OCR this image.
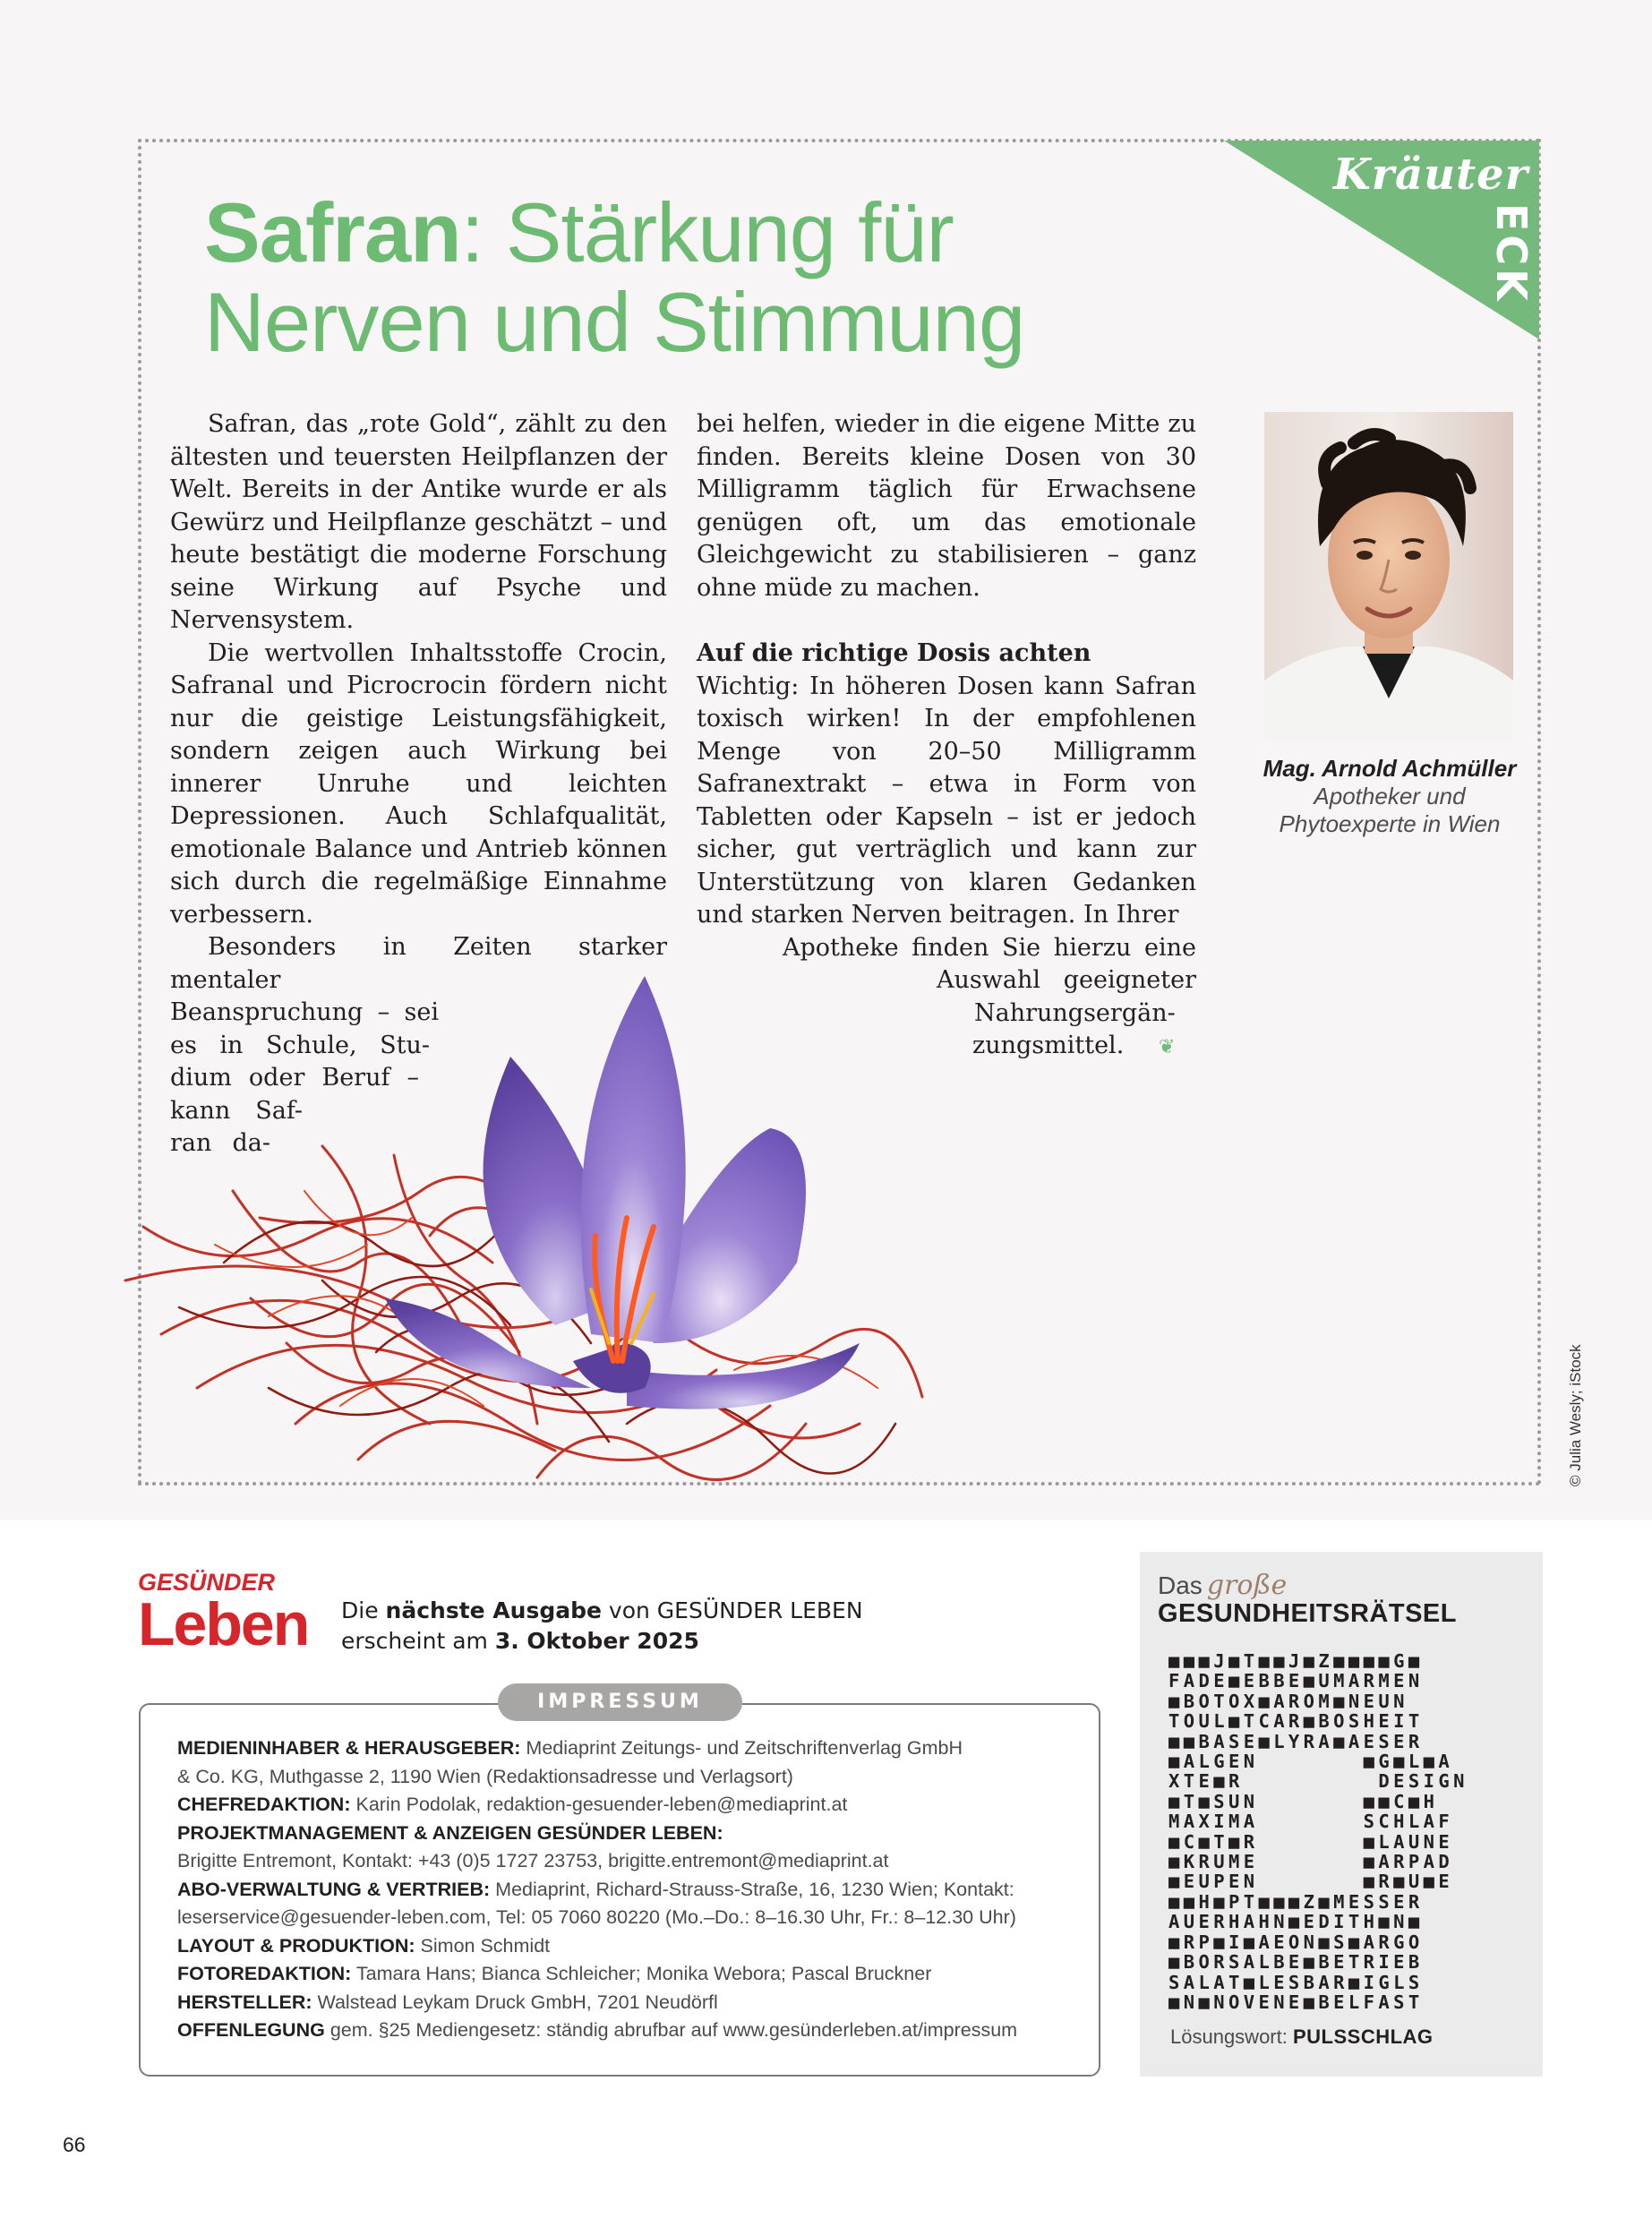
Kräuter
ECK
Safran: Stärkung für
Nerven und Stimmung

Safran, das „rote Gold“, zählt zu den ältesten und teuersten Heilpflanzen der Welt. Bereits in der Antike wurde er als Gewürz und Heilpflanze geschätzt – und heute bestätigt die moderne Forschung seine Wirkung auf Psyche und Nervensystem.

Die wertvollen Inhaltsstoffe Crocin, Safranal und Picrocrocin fördern nicht nur die geistige Leistungsfähigkeit, sondern zeigen auch Wirkung bei innerer Unruhe und leichten Depressionen. Auch Schlafqualität, emotionale Balance und Antrieb können sich durch die regelmäßige Einnahme verbessern.

Besonders in Zeiten starker mentaler

Beanspruchung – sei

es in Schule, Stu-

dium oder Beruf –

kann Saf-

ran da-

bei helfen, wieder in die eigene Mitte zu finden. Bereits kleine Dosen von 30 Milligramm täglich für Erwachsene genügen oft, um das emotionale Gleichgewicht zu stabilisieren – ganz ohne müde zu machen.

Auf die richtige Dosis achten

Wichtig: In höheren Dosen kann Safran toxisch wirken! In der empfohlenen Menge von 20–50 Milligramm Safranextrakt – etwa in Form von Tabletten oder Kapseln – ist er jedoch sicher, gut verträglich und kann zur Unterstützung von klaren Gedanken und starken Nerven beitragen. In Ihrer

Apotheke finden Sie hierzu eine

Auswahl geeigneter

Nahrungsergän-

zungsmittel. ❦

Mag. Arnold Achmüller
Apotheker und
Phytoexperte in Wien
© Julia Wesly; iStock
GESÜNDER
Leben Die nächste Ausgabe von GESÜNDER LEBEN
erscheint am 3. Oktober 2025
IMPRESSUM
MEDIENINHABER & HERAUSGEBER: Mediaprint Zeitungs- und Zeitschriftenverlag GmbH
& Co. KG, Muthgasse 2, 1190 Wien (Redaktionsadresse und Verlagsort)
CHEFREDAKTION: Karin Podolak, redaktion-gesuender-leben@mediaprint.at
PROJEKTMANAGEMENT & ANZEIGEN GESÜNDER LEBEN:
Brigitte Entremont, Kontakt: +43 (0)5 1727 23753, brigitte.entremont@mediaprint.at
ABO-VERWALTUNG & VERTRIEB: Mediaprint, Richard-Strauss-Straße, 16, 1230 Wien; Kontakt:
leserservice@gesuender-leben.com, Tel: 05 7060 80220 (Mo.–Do.: 8–16.30 Uhr, Fr.: 8–12.30 Uhr)
LAYOUT & PRODUKTION: Simon Schmidt
FOTOREDAKTION: Tamara Hans; Bianca Schleicher; Monika Webora; Pascal Bruckner
HERSTELLER: Walstead Leykam Druck GmbH, 7201 Neudörfl
OFFENLEGUNG gem. §25 Mediengesetz: ständig abrufbar auf www.gesünderleben.at/impressum
Das große
GESUNDHEITSRÄTSEL
■■■J■T■■J■Z■■■■G■
FADE■EBBE■UMARMEN
■BOTOX■AROM■NEUN
TOUL■TCAR■BOSHEIT
■■BASE■LYRA■AESER
■ALGEN       ■G■L■A
XTE■R         DESIGN
■T■SUN       ■■C■H
MAXIMA       SCHLAF
■C■T■R       ■LAUNE
■KRUME       ■ARPAD
■EUPEN       ■R■U■E
■■H■PT■■■Z■MESSER
AUERHAHN■EDITH■N■
■RP■I■AEON■S■ARGO
■BORSALBE■BETRIEB
SALAT■LESBAR■IGLS
■N■NOVENE■BELFAST
Lösungswort: PULSSCHLAG
66
